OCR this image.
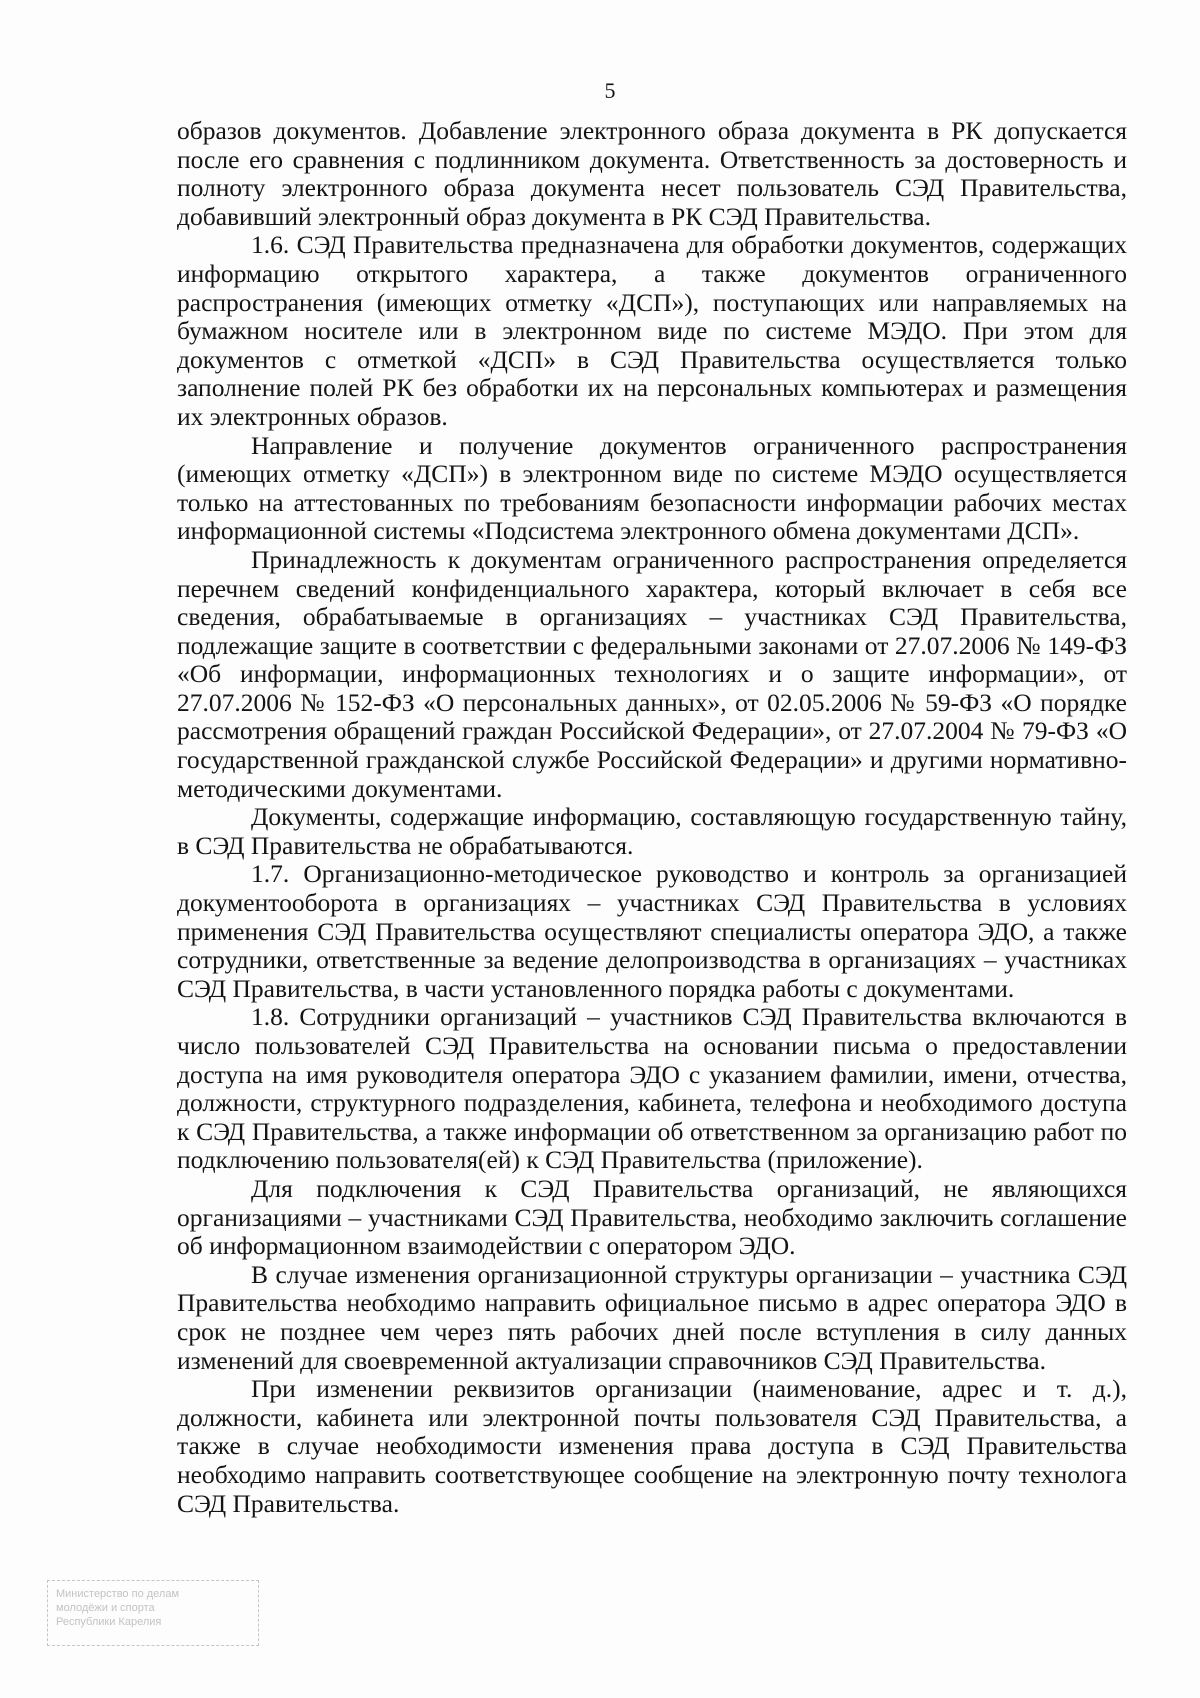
5

образов документов. Добавление электронного образа документа в РК допускается после его сравнения с подлинником документа. Ответственность за достоверность и полноту электронного образа документа несет пользователь СЭД Правительства, добавивший электронный образ документа в РК СЭД Правительства.

1.6. СЭД Правительства предназначена для обработки документов, содержащих информацию открытого характера, а также документов ограниченного распространения (имеющих отметку «ДСП»), поступающих или направляемых на бумажном носителе или в электронном виде по системе МЭДО. При этом для документов с отметкой «ДСП» в СЭД Правительства осуществляется только заполнение полей РК без обработки их на персональных компьютерах и размещения их электронных образов.

Направление и получение документов ограниченного распространения (имеющих отметку «ДСП») в электронном виде по системе МЭДО осуществляется только на аттестованных по требованиям безопасности информации рабочих местах информационной системы «Подсистема электронного обмена документами ДСП».

Принадлежность к документам ограниченного распространения определяется перечнем сведений конфиденциального характера, который включает в себя все сведения, обрабатываемые в организациях – участниках СЭД Правительства, подлежащие защите в соответствии с федеральными законами от 27.07.2006 № 149-ФЗ «Об информации, информационных технологиях и о защите информации», от 27.07.2006 № 152-ФЗ «О персональных данных», от 02.05.2006 № 59-ФЗ «О порядке рассмотрения обращений граждан Российской Федерации», от 27.07.2004 № 79-ФЗ «О государственной гражданской службе Российской Федерации» и другими нормативно-методическими документами.

Документы, содержащие информацию, составляющую государственную тайну, в СЭД Правительства не обрабатываются.

1.7. Организационно-методическое руководство и контроль за организацией документооборота в организациях – участниках СЭД Правительства в условиях применения СЭД Правительства осуществляют специалисты оператора ЭДО, а также сотрудники, ответственные за ведение делопроизводства в организациях – участниках СЭД Правительства, в части установленного порядка работы с документами.

1.8. Сотрудники организаций – участников СЭД Правительства включаются в число пользователей СЭД Правительства на основании письма о предоставлении доступа на имя руководителя оператора ЭДО с указанием фамилии, имени, отчества, должности, структурного подразделения, кабинета, телефона и необходимого доступа к СЭД Правительства, а также информации об ответственном за организацию работ по подключению пользователя(ей) к СЭД Правительства (приложение).

Для подключения к СЭД Правительства организаций, не являющихся организациями – участниками СЭД Правительства, необходимо заключить соглашение об информационном взаимодействии с оператором ЭДО.

В случае изменения организационной структуры организации – участника СЭД Правительства необходимо направить официальное письмо в адрес оператора ЭДО в срок не позднее чем через пять рабочих дней после вступления в силу данных изменений для своевременной актуализации справочников СЭД Правительства.

При изменении реквизитов организации (наименование, адрес и т. д.), должности, кабинета или электронной почты пользователя СЭД Правительства, а также в случае необходимости изменения права доступа в СЭД Правительства необходимо направить соответствующее сообщение на электронную почту технолога СЭД Правительства.

Министерство по делам
молодёжи и спорта
Республики Карелия
